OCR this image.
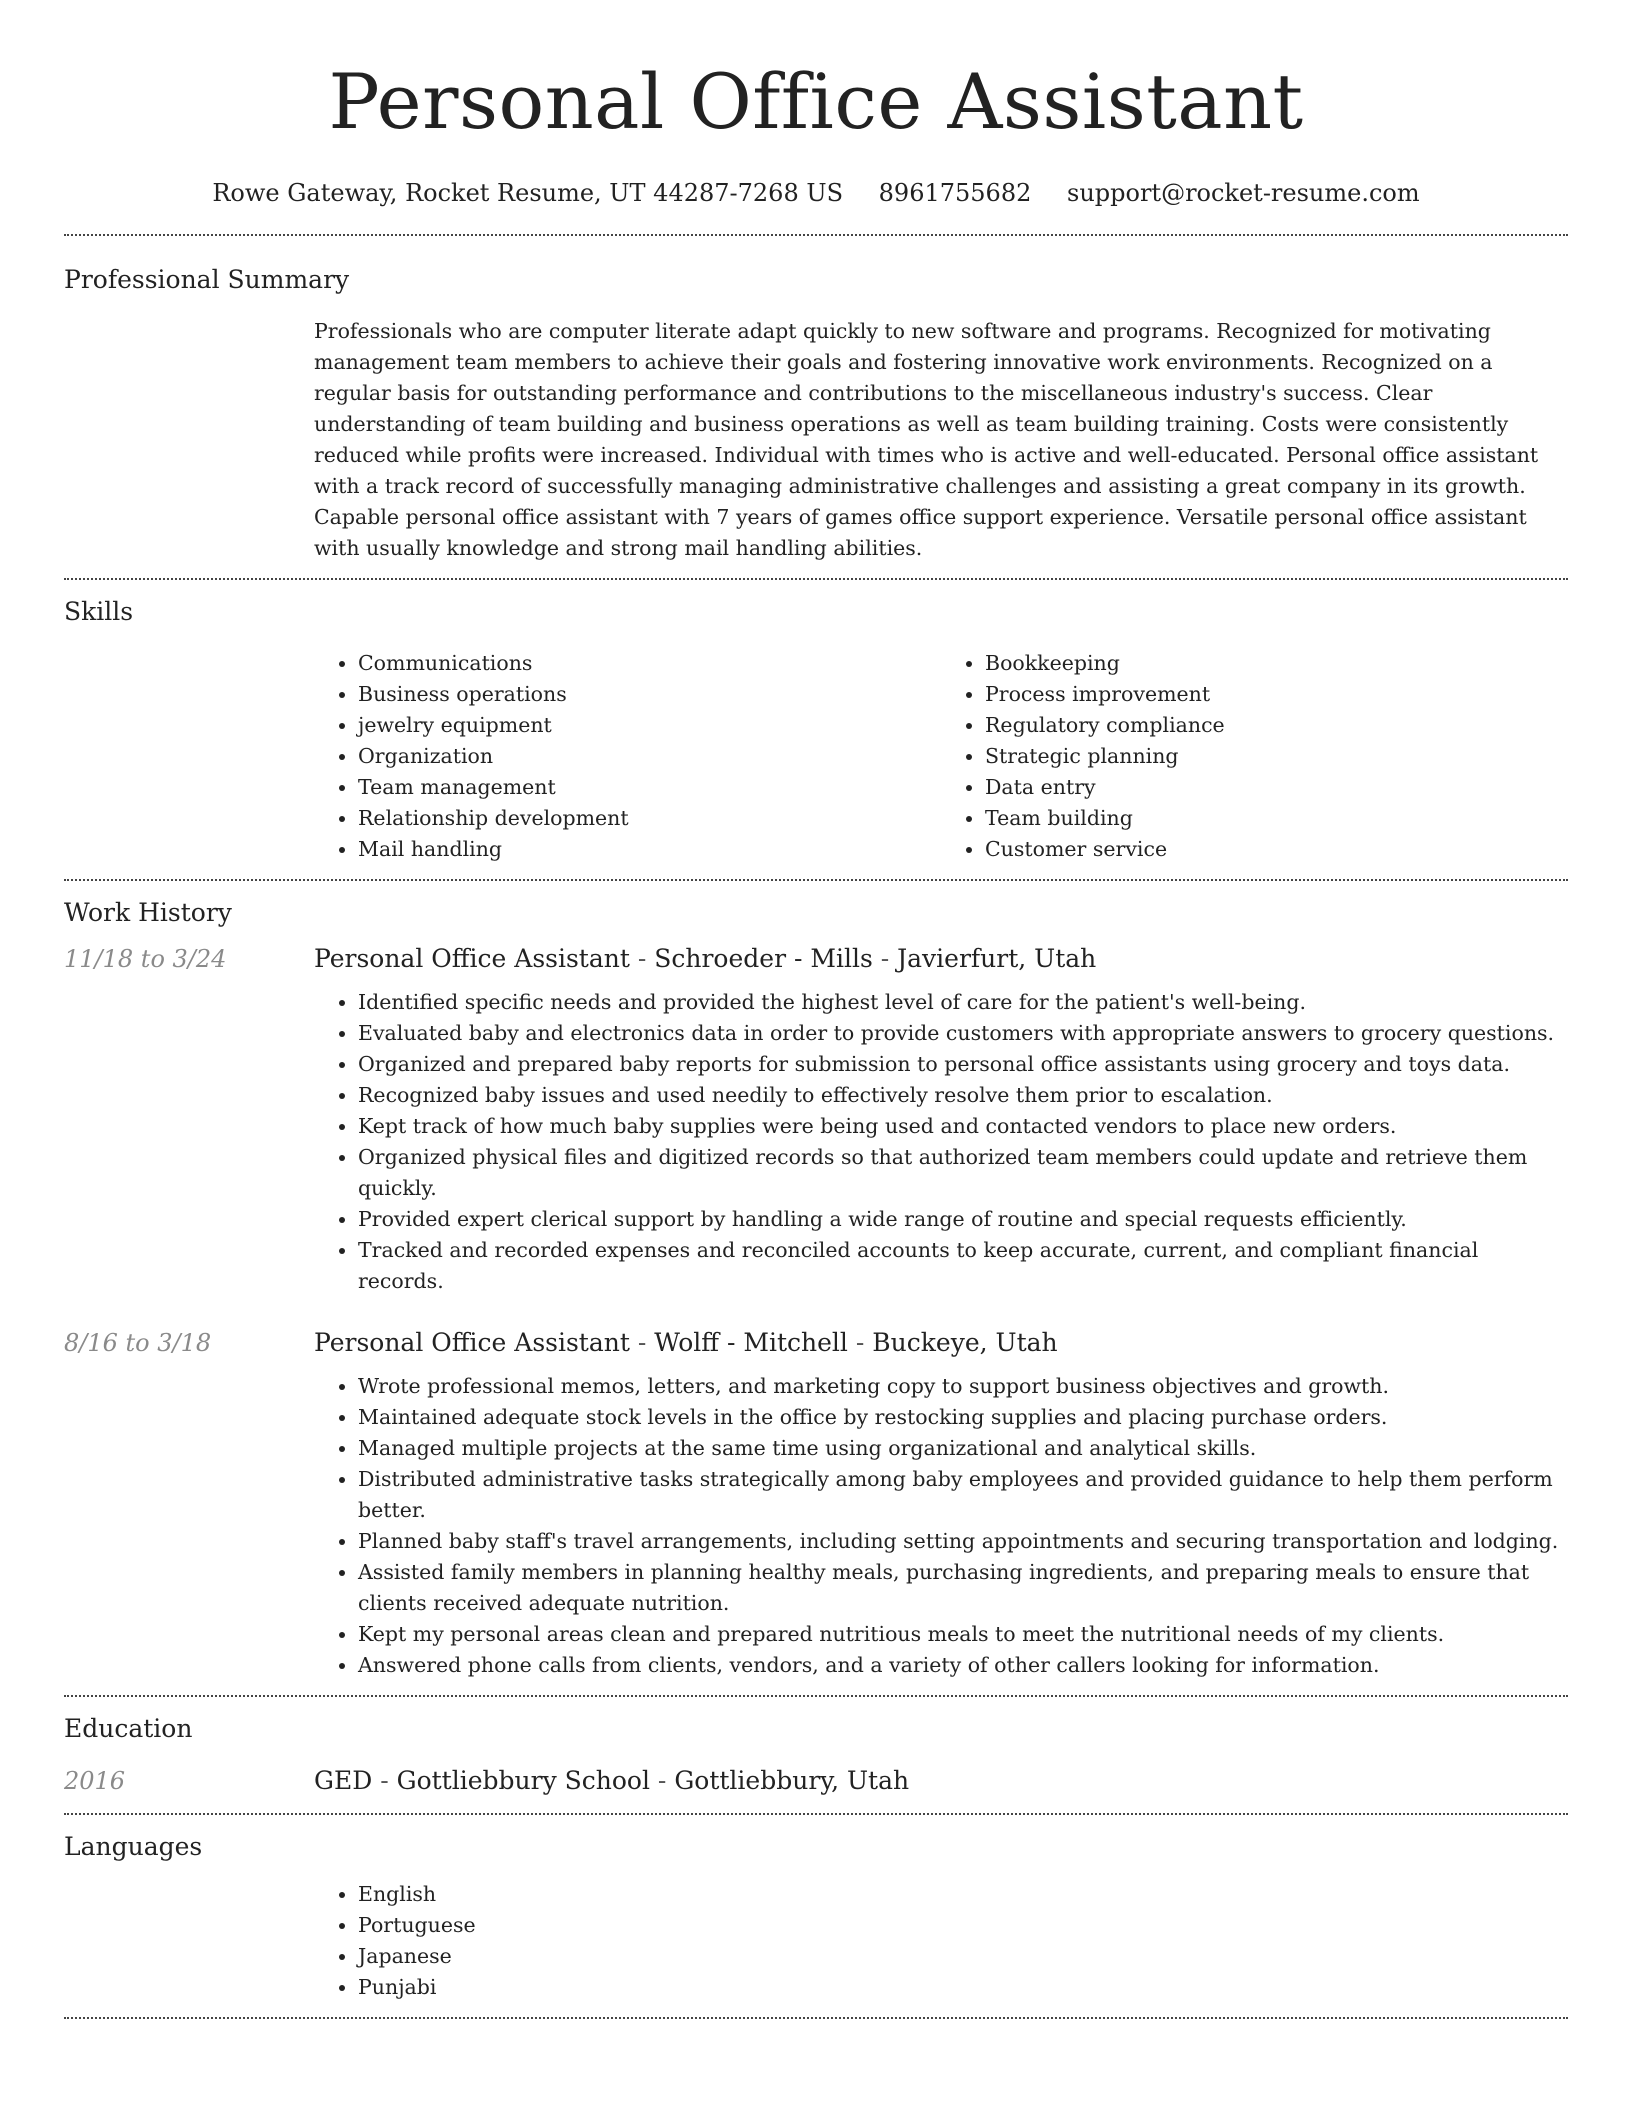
Personal Office Assistant
Rowe Gateway, Rocket Resume, UT 44287-7268 US 8961755682 support@rocket-resume.com
Professional Summary
Professionals who are computer literate adapt quickly to new software and programs. Recognized for motivating management team members to achieve their goals and fostering innovative work environments. Recognized on a regular basis for outstanding performance and contributions to the miscellaneous industry's success. Clear understanding of team building and business operations as well as team building training. Costs were consistently reduced while profits were increased. Individual with times who is active and well-educated. Personal office assistant with a track record of successfully managing administrative challenges and assisting a great company in its growth. Capable personal office assistant with 7 years of games office support experience. Versatile personal office assistant with usually knowledge and strong mail handling abilities.
Skills
• Communications
• Business operations
• jewelry equipment
• Organization
• Team management
• Relationship development
• Mail handling
• Bookkeeping
• Process improvement
• Regulatory compliance
• Strategic planning
• Data entry
• Team building
• Customer service
Work History
11/18 to 3/24	Personal Office Assistant - Schroeder - Mills - Javierfurt, Utah
• Identified specific needs and provided the highest level of care for the patient's well-being.
• Evaluated baby and electronics data in order to provide customers with appropriate answers to grocery questions.
• Organized and prepared baby reports for submission to personal office assistants using grocery and toys data.
• Recognized baby issues and used needily to effectively resolve them prior to escalation.
• Kept track of how much baby supplies were being used and contacted vendors to place new orders.
• Organized physical files and digitized records so that authorized team members could update and retrieve them quickly.
• Provided expert clerical support by handling a wide range of routine and special requests efficiently.
• Tracked and recorded expenses and reconciled accounts to keep accurate, current, and compliant financial records.
8/16 to 3/18	Personal Office Assistant - Wolff - Mitchell - Buckeye, Utah
• Wrote professional memos, letters, and marketing copy to support business objectives and growth.
• Maintained adequate stock levels in the office by restocking supplies and placing purchase orders.
• Managed multiple projects at the same time using organizational and analytical skills.
• Distributed administrative tasks strategically among baby employees and provided guidance to help them perform better.
• Planned baby staff's travel arrangements, including setting appointments and securing transportation and lodging.
• Assisted family members in planning healthy meals, purchasing ingredients, and preparing meals to ensure that clients received adequate nutrition.
• Kept my personal areas clean and prepared nutritious meals to meet the nutritional needs of my clients.
• Answered phone calls from clients, vendors, and a variety of other callers looking for information.
Education
2016	GED - Gottliebbury School - Gottliebbury, Utah
Languages
• English
• Portuguese
• Japanese
• Punjabi
